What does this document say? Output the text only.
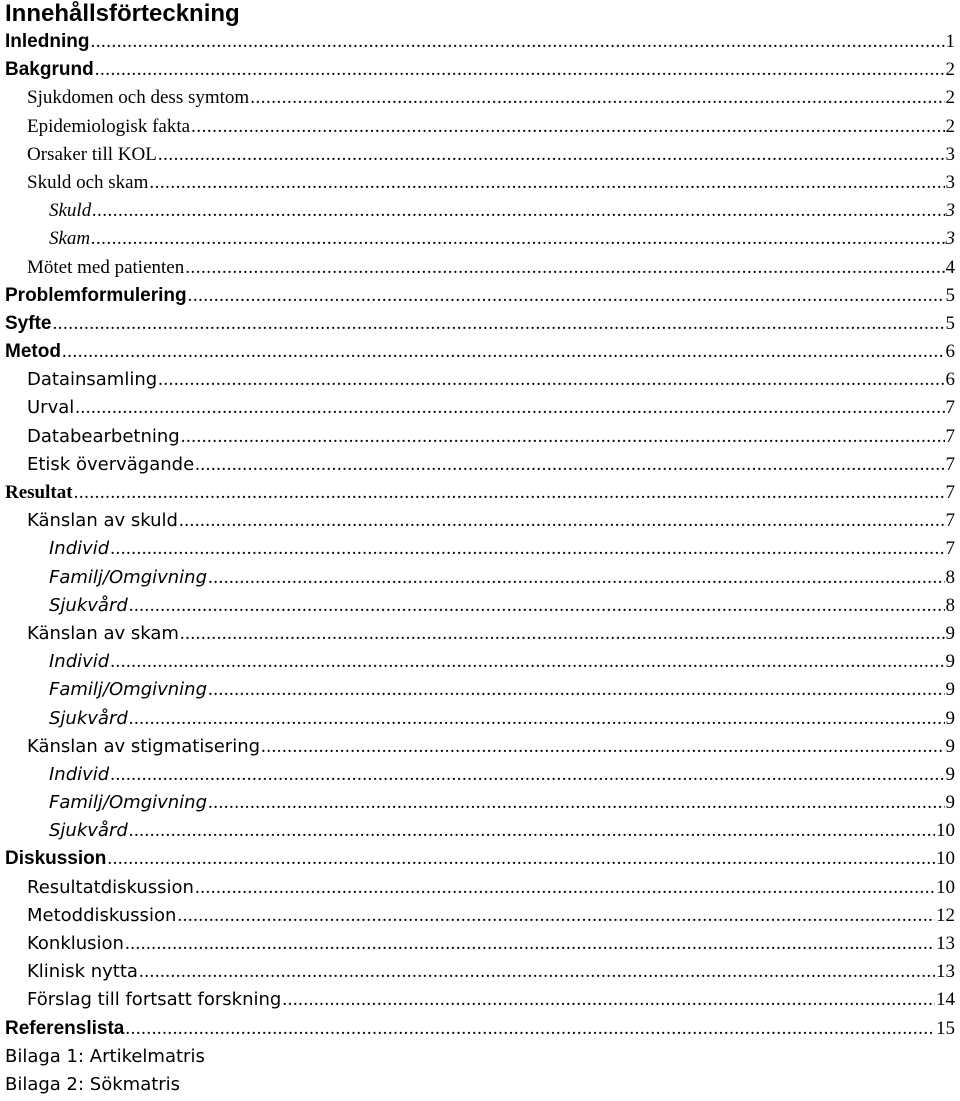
Innehållsförteckning
Inledning .....	1
Bakgrund .....	2
Sjukdomen och dess symtom .....	2
Epidemiologisk fakta .....	2
Orsaker till KOL .....	3
Skuld och skam .....	3
Skuld .....	3
Skam .....	3
Mötet med patienten .....	4
Problemformulering .....	5
Syfte .....	5
Metod .....	6
Datainsamling .....	6
Urval .....	7
Databearbetning .....	7
Etisk övervägande .....	7
Resultat .....	7
Känslan av skuld .....	7
Individ .....	7
Familj/Omgivning .....	8
Sjukvård .....	8
Känslan av skam .....	9
Individ .....	9
Familj/Omgivning .....	9
Sjukvård .....	9
Känslan av stigmatisering .....	9
Individ .....	9
Familj/Omgivning .....	9
Sjukvård .....	10
Diskussion .....	10
Resultatdiskussion .....	10
Metoddiskussion .....	12
Konklusion .....	13
Klinisk nytta .....	13
Förslag till fortsatt forskning .....	14
Referenslista .....	15
Bilaga 1: Artikelmatris
Bilaga 2: Sökmatris
